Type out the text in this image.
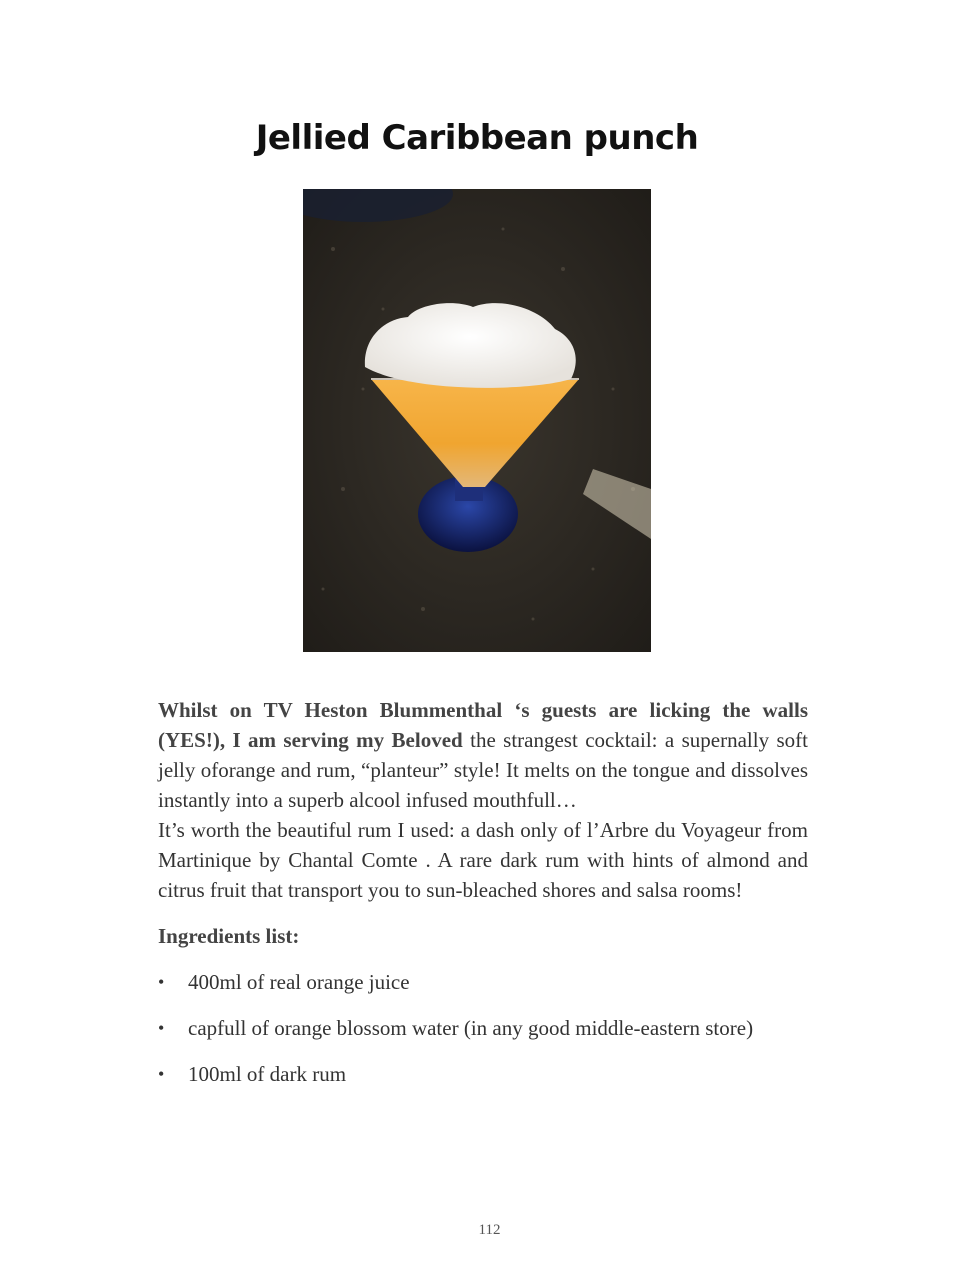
Jellied Caribbean punch

Whilst on TV Heston Blummenthal ‘s guests are licking the walls (YES!), I am serving my Beloved the strangest cocktail: a supernally soft jelly oforange and rum, “planteur” style! It melts on the tongue and dissolves instantly into a superb alcool infused mouthfull…

It’s worth the beautiful rum I used: a dash only of l’Arbre du Voyageur from Martinique by Chantal Comte . A rare dark rum with hints of almond and citrus fruit that transport you to sun-bleached shores and salsa rooms!

Ingredients list:

• 400ml of real orange juice
• capfull of orange blossom water (in any good middle-eastern store)
• 100ml of dark rum
112
